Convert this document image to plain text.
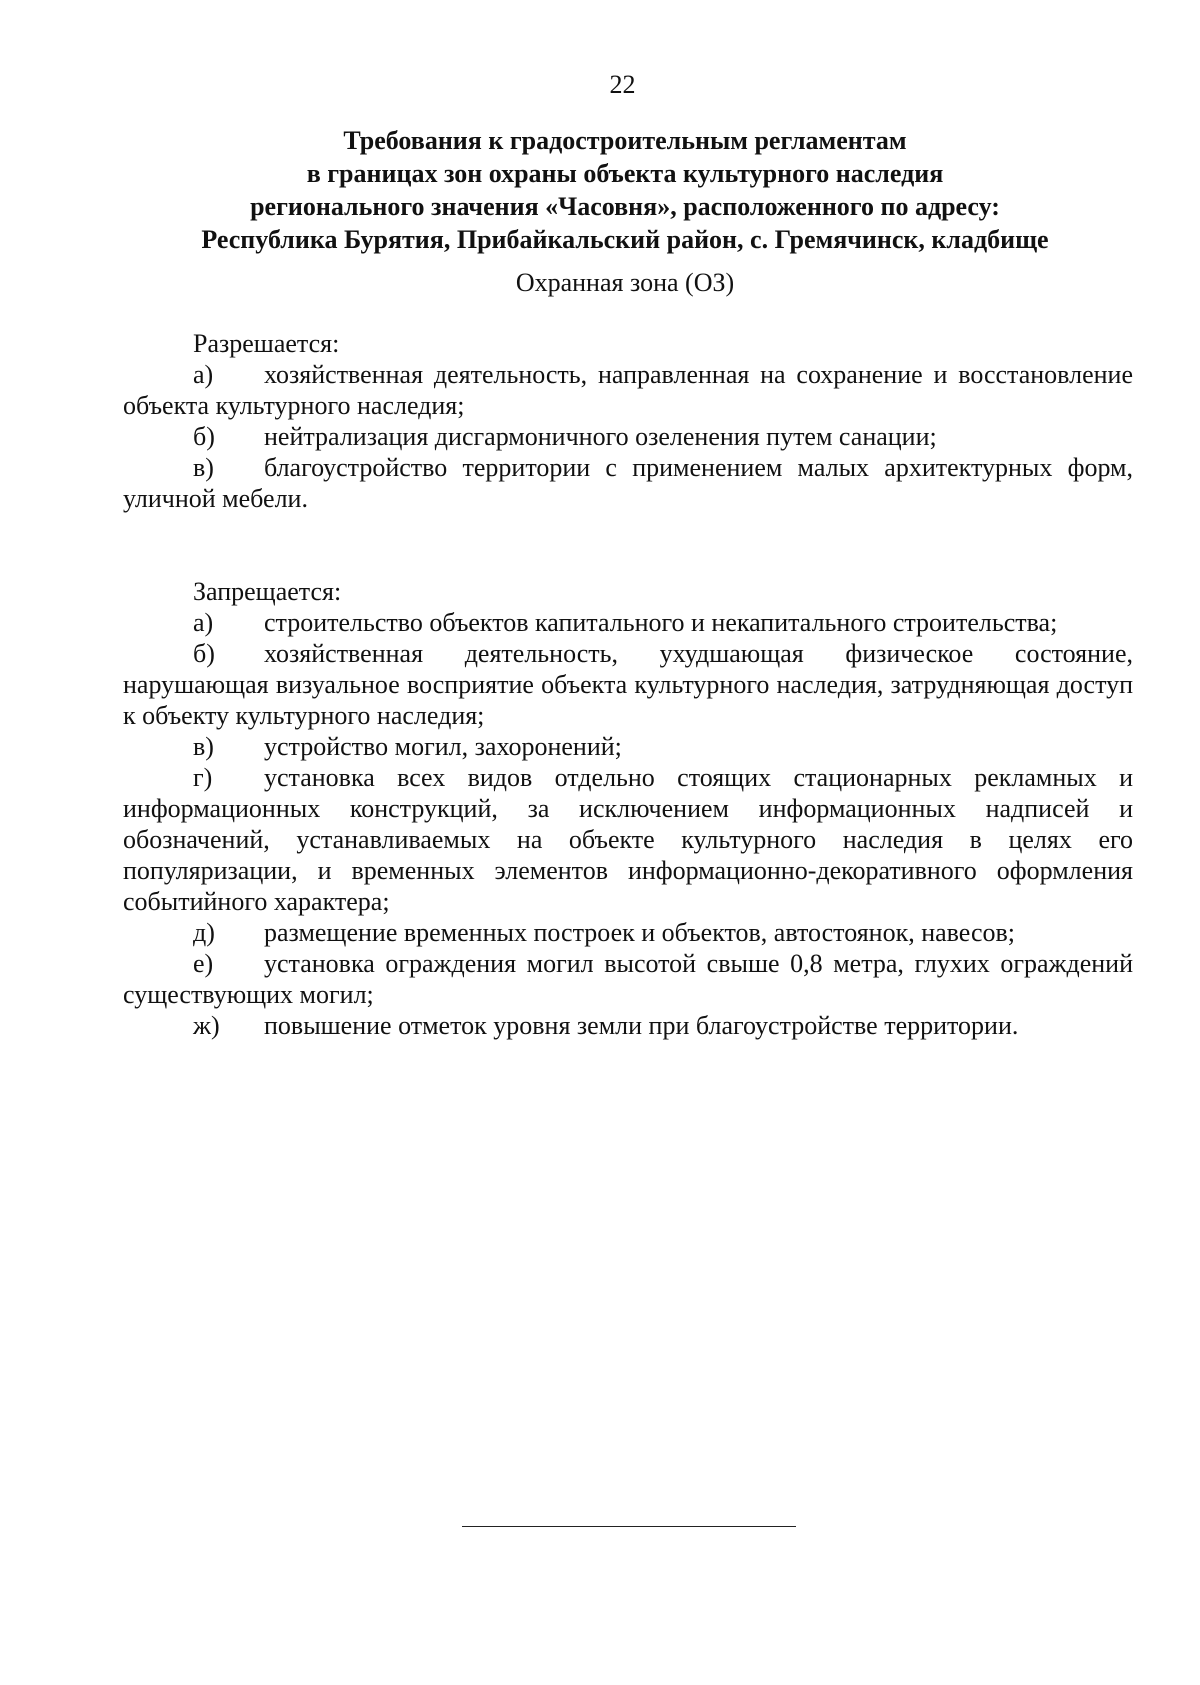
22
Требования к градостроительным регламентам
в границах зон охраны объекта культурного наследия
регионального значения «Часовня», расположенного по адресу:
Республика Бурятия, Прибайкальский район, с. Гремячинск, кладбище
Охранная зона (ОЗ)

Разрешается:

а) хозяйственная деятельность, направленная на сохранение и восстановление объекта культурного наследия;

б) нейтрализация дисгармоничного озеленения путем санации;

в) благоустройство территории с применением малых архитектурных форм, уличной мебели.

Запрещается:

а) строительство объектов капитального и некапитального строительства;

б) хозяйственная деятельность, ухудшающая физическое состояние, нарушающая визуальное восприятие объекта культурного наследия, затрудняющая доступ к объекту культурного наследия;

в) устройство могил, захоронений;

г) установка всех видов отдельно стоящих стационарных рекламных и информационных конструкций, за исключением информационных надписей и обозначений, устанавливаемых на объекте культурного наследия в целях его популяризации, и временных элементов информационно-декоративного оформления событийного характера;

д) размещение временных построек и объектов, автостоянок, навесов;

е) установка ограждения могил высотой свыше 0,8 метра, глухих ограждений существующих могил;

ж) повышение отметок уровня земли при благоустройстве территории.
